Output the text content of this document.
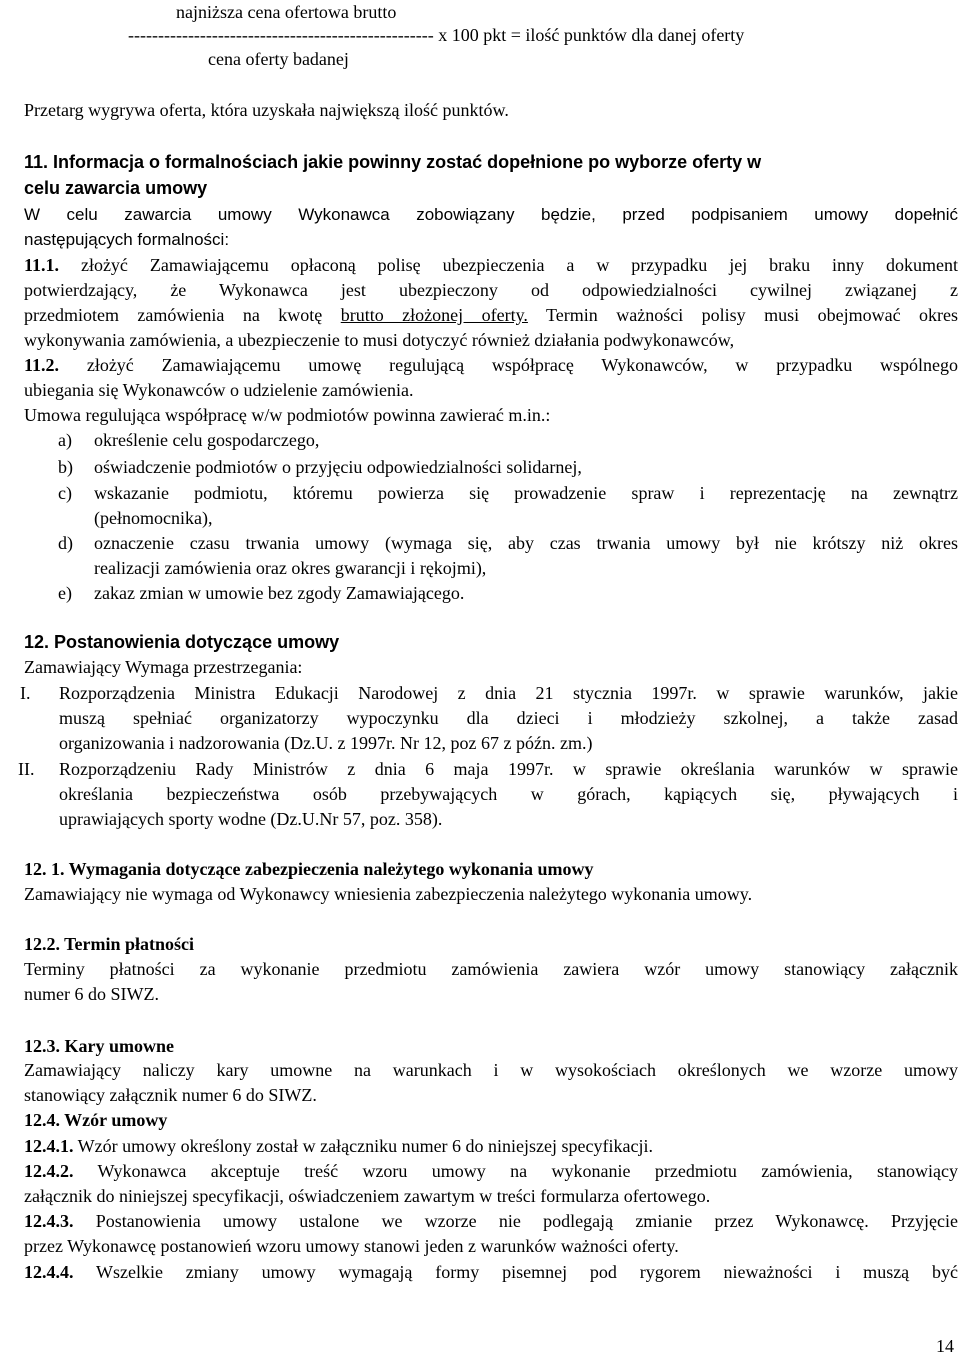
najniższa cena ofertowa brutto
--------------------------------------------------- x 100 pkt = ilość punktów dla danej oferty
cena oferty badanej
Przetarg wygrywa oferta, która uzyskała największą ilość punktów.
11. Informacja o formalnościach jakie powinny zostać dopełnione po wyborze oferty w
celu zawarcia umowy
W celu zawarcia umowy Wykonawca zobowiązany będzie, przed podpisaniem umowy dopełnić
następujących formalności:
11.1. złożyć Zamawiającemu opłaconą polisę ubezpieczenia a w przypadku jej braku inny dokument
potwierdzający, że Wykonawca jest ubezpieczony od odpowiedzialności cywilnej związanej z
przedmiotem zamówienia na kwotę brutto złożonej oferty. Termin ważności polisy musi obejmować okres
wykonywania zamówienia, a ubezpieczenie to musi dotyczyć również działania podwykonawców,
11.2. złożyć Zamawiającemu umowę regulującą współpracę Wykonawców, w przypadku wspólnego
ubiegania się Wykonawców o udzielenie zamówienia.
Umowa regulująca współpracę w/w podmiotów powinna zawierać m.in.:
a) określenie celu gospodarczego,
b) oświadczenie podmiotów o przyjęciu odpowiedzialności solidarnej,
c) wskazanie podmiotu, któremu powierza się prowadzenie spraw i reprezentację na zewnątrz
(pełnomocnika),
d) oznaczenie czasu trwania umowy (wymaga się, aby czas trwania umowy był nie krótszy niż okres
realizacji zamówienia oraz okres gwarancji i rękojmi),
e) zakaz zmian w umowie bez zgody Zamawiającego.
12. Postanowienia dotyczące umowy
Zamawiający Wymaga przestrzegania:
I. Rozporządzenia Ministra Edukacji Narodowej z dnia 21 stycznia 1997r. w sprawie warunków, jakie
muszą spełniać organizatorzy wypoczynku dla dzieci i młodzieży szkolnej, a także zasad
organizowania i nadzorowania (Dz.U. z 1997r. Nr 12, poz 67 z późn. zm.)
II. Rozporządzeniu Rady Ministrów z dnia 6 maja 1997r. w sprawie określania warunków w sprawie
określania bezpieczeństwa osób przebywających w górach, kąpiących się, pływających i
uprawiających sporty wodne (Dz.U.Nr 57, poz. 358).
12. 1. Wymagania dotyczące zabezpieczenia należytego wykonania umowy
Zamawiający nie wymaga od Wykonawcy wniesienia zabezpieczenia należytego wykonania umowy.
12.2. Termin płatności
Terminy płatności za wykonanie przedmiotu zamówienia zawiera wzór umowy stanowiący załącznik
numer 6 do SIWZ.
12.3. Kary umowne
Zamawiający naliczy kary umowne na warunkach i w wysokościach określonych we wzorze umowy
stanowiący załącznik numer 6 do SIWZ.
12.4. Wzór umowy
12.4.1. Wzór umowy określony został w załączniku numer 6 do niniejszej specyfikacji.
12.4.2. Wykonawca akceptuje treść wzoru umowy na wykonanie przedmiotu zamówienia, stanowiący
załącznik do niniejszej specyfikacji, oświadczeniem zawartym w treści formularza ofertowego.
12.4.3. Postanowienia umowy ustalone we wzorze nie podlegają zmianie przez Wykonawcę. Przyjęcie
przez Wykonawcę postanowień wzoru umowy stanowi jeden z warunków ważności oferty.
12.4.4. Wszelkie zmiany umowy wymagają formy pisemnej pod rygorem nieważności i muszą być
14
